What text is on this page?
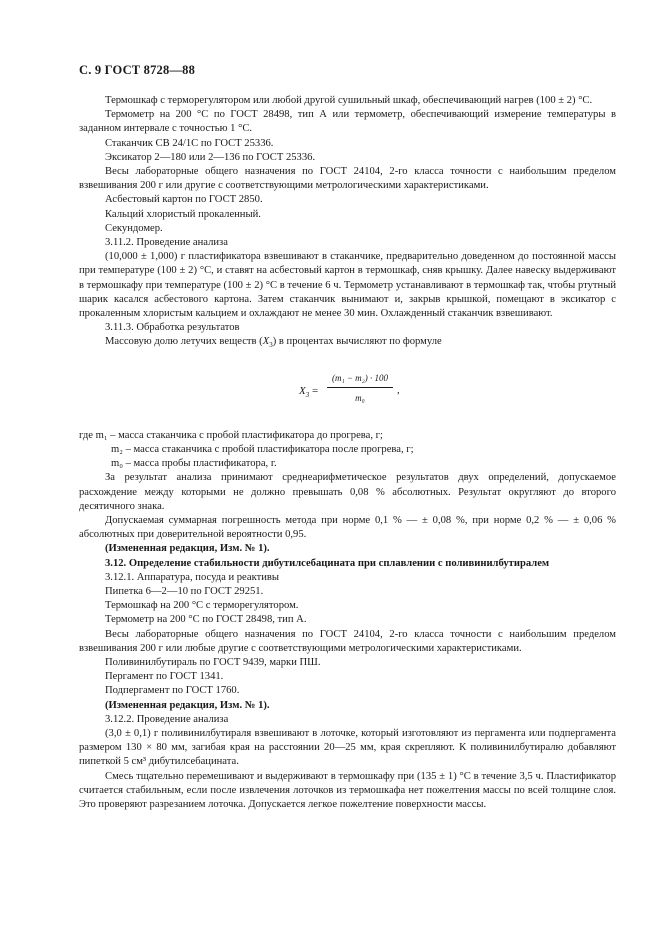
С. 9 ГОСТ 8728—88

Термошкаф с терморегулятором или любой другой сушильный шкаф, обеспечивающий нагрев (100 ± 2) °С.

Термометр на 200 °С по ГОСТ 28498, тип А или термометр, обеспечивающий измерение температуры в заданном интервале с точностью 1 °С.

Стаканчик СВ 24/1С по ГОСТ 25336.

Эксикатор 2—180 или 2—136 по ГОСТ 25336.

Весы лабораторные общего назначения по ГОСТ 24104, 2-го класса точности с наибольшим пределом взвешивания 200 г или другие с соответствующими метрологическими характеристиками.

Асбестовый картон по ГОСТ 2850.

Кальций хлористый прокаленный.

Секундомер.

3.11.2. Проведение анализа

(10,000 ± 1,000) г пластификатора взвешивают в стаканчике, предварительно доведенном до постоянной массы при температуре (100 ± 2) °С, и ставят на асбестовый картон в термошкаф, сняв крышку. Далее навеску выдерживают в термошкафу при температуре (100 ± 2) °С в течение 6 ч. Термометр устанавливают в термошкаф так, чтобы ртутный шарик касался асбестового картона. Затем стаканчик вынимают и, закрыв крышкой, помещают в эксикатор с прокаленным хлористым кальцием и охлаждают не менее 30 мин. Охлажденный стаканчик взвешивают.

3.11.3. Обработка результатов

Массовую долю летучих веществ $(X_3)$ в процентах вычисляют по формуле

$X_3$ =
(m₁ − m₂) · 100
m₀
,
где m₁ – масса стаканчика с пробой пластификатора до прогрева, г;
m₂ – масса стаканчика с пробой пластификатора после прогрева, г;
m₀ – масса пробы пластификатора, г.

За результат анализа принимают среднеарифметическое результатов двух определений, допускаемое расхождение между которыми не должно превышать 0,08 % абсолютных. Результат округляют до второго десятичного знака.

Допускаемая суммарная погрешность метода при норме 0,1 % — ± 0,08 %, при норме 0,2 % — ± 0,06 % абсолютных при доверительной вероятности 0,95.

(Измененная редакция, Изм. № 1).

3.12. Определение стабильности дибутилсебацината при сплавлении с поливинилбутиралем

3.12.1. Аппаратура, посуда и реактивы

Пипетка 6—2—10 по ГОСТ 29251.

Термошкаф на 200 °С с терморегулятором.

Термометр на 200 °С по ГОСТ 28498, тип А.

Весы лабораторные общего назначения по ГОСТ 24104, 2-го класса точности с наибольшим пределом взвешивания 200 г или любые другие с соответствующими метрологическими характеристиками.

Поливинилбутираль по ГОСТ 9439, марки ПШ.

Пергамент по ГОСТ 1341.

Подпергамент по ГОСТ 1760.

(Измененная редакция, Изм. № 1).

3.12.2. Проведение анализа

(3,0 ± 0,1) г поливинилбутираля взвешивают в лоточке, который изготовляют из пергамента или подпергамента размером 130 × 80 мм, загибая края на расстоянии 20—25 мм, края скрепляют. К поливинилбутиралю добавляют пипеткой 5 см³ дибутилсебацината.

Смесь тщательно перемешивают и выдерживают в термошкафу при (135 ± 1) °С в течение 3,5 ч. Пластификатор считается стабильным, если после извлечения лоточков из термошкафа нет пожелтения массы по всей толщине слоя. Это проверяют разрезанием лоточка. Допускается легкое пожелтение поверхности массы.
